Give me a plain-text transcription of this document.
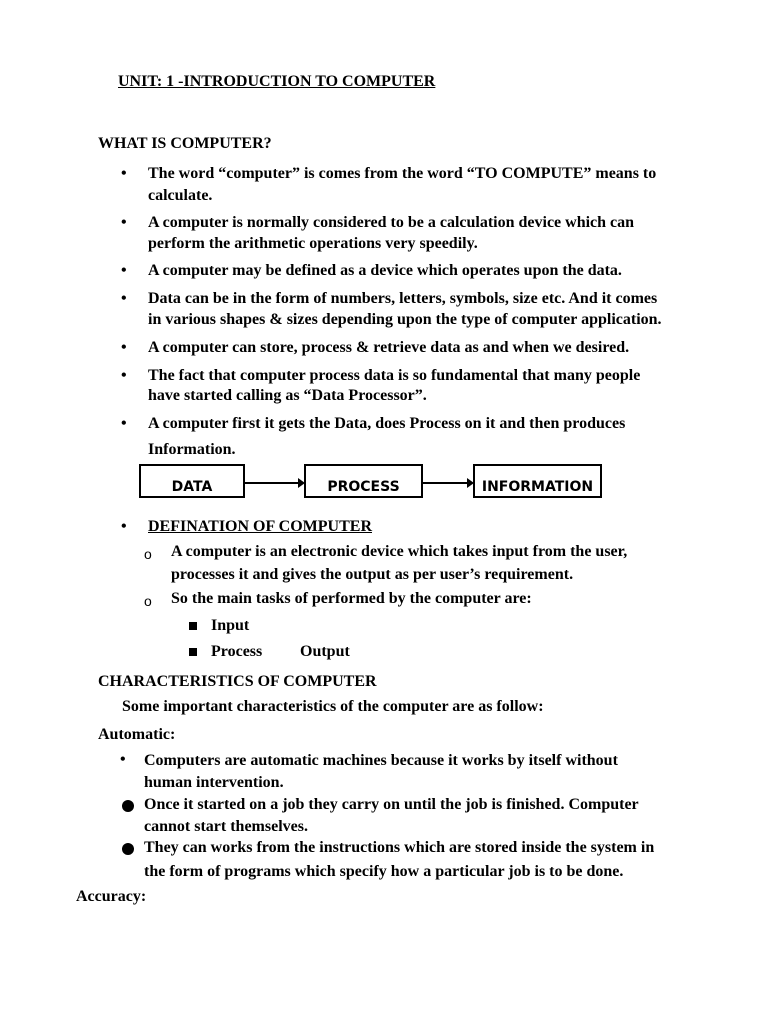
UNIT: 1 -INTRODUCTION TO COMPUTER
WHAT IS COMPUTER?
• The word “computer” is comes from the word “TO COMPUTE” means to
calculate.
• A computer is normally considered to be a calculation device which can
perform the arithmetic operations very speedily.
• A computer may be defined as a device which operates upon the data.
• Data can be in the form of numbers, letters, symbols, size etc. And it comes
in various shapes & sizes depending upon the type of computer application.
• A computer can store, process & retrieve data as and when we desired.
• The fact that computer process data is so fundamental that many people
have started calling as “Data Processor”.
• A computer first it gets the Data, does Process on it and then produces
Information.
DATA	PROCESS	INFORMATION
• DEFINATION OF COMPUTER
o A computer is an electronic device which takes input from the user,
processes it and gives the output as per user’s requirement.
o So the main tasks of performed by the computer are:
Input
Process Output
CHARACTERISTICS OF COMPUTER
Some important characteristics of the computer are as follow:
Automatic:
• Computers are automatic machines because it works by itself without
human intervention.
Once it started on a job they carry on until the job is finished. Computer
cannot start themselves.
They can works from the instructions which are stored inside the system in
the form of programs which specify how a particular job is to be done.
Accuracy:
